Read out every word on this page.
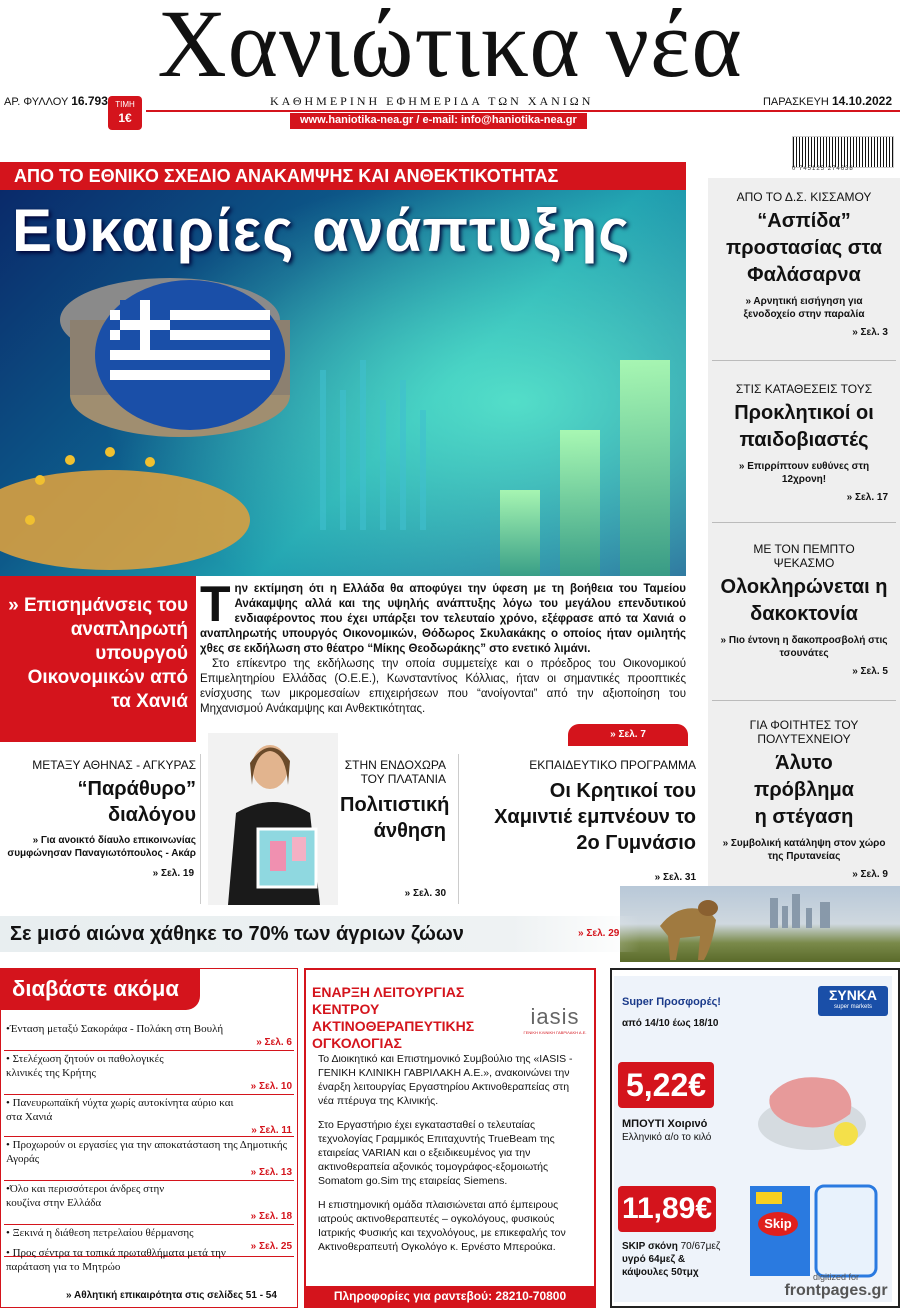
Χανιώτικα νέα
ΑΡ. ΦΥΛΛΟΥ 16.793 ΤΙΜΗ
1€
ΚΑΘΗΜΕΡΙΝΗ ΕΦΗΜΕΡΙΔΑ ΤΩΝ ΧΑΝΙΩΝ	ΠΑΡΑΣΚΕΥΗ 14.10.2022
www.haniotika-nea.gr / e-mail: info@haniotika-nea.gr
0 745125 274638
ΑΠΟ ΤΟ ΕΘΝΙΚΟ ΣΧΕΔΙΟ ΑΝΑΚΑΜΨΗΣ ΚΑΙ ΑΝΘΕΚΤΙΚΟΤΗΤΑΣ
Ευκαιρίες ανάπτυξης
» Επισημάνσεις του αναπληρωτή υπουργού Οικονομικών από τα Χανιά

Την εκτίμηση ότι η Ελλάδα θα αποφύγει την ύφεση με τη βοήθεια του Ταμείου Ανάκαμψης αλλά και της υψηλής ανάπτυξης λόγω του μεγάλου επενδυτικού ενδιαφέροντος που έχει υπάρξει τον τελευταίο χρόνο, εξέφρασε από τα Χανιά ο αναπληρωτής υπουργός Οικονομικών, Θόδωρος Σκυλακάκης ο οποίος ήταν ομιλητής χθες σε εκδήλωση στο θέατρο “Μίκης Θεοδωράκης” στο ενετικό λιμάνι.

Στο επίκεντρο της εκδήλωσης την οποία συμμετείχε και ο πρόεδρος του Οικονομικού Επιμελητηρίου Ελλάδας (Ο.Ε.Ε.), Κωνσταντίνος Κόλλιας, ήταν οι σημαντικές προοπτικές ενίσχυσης των μικρομεσαίων επιχειρήσεων που “ανοίγονται” από την αξιοποίηση του Μηχανισμού Ανάκαμψης και Ανθεκτικότητας.

» Σελ. 7
ΑΠΟ ΤΟ Δ.Σ. ΚΙΣΣΑΜΟΥ
“Ασπίδα” προστασίας στα Φαλάσαρνα
» Αρνητική εισήγηση για ξενοδοχείο στην παραλία
» Σελ. 3
ΣΤΙΣ ΚΑΤΑΘΕΣΕΙΣ ΤΟΥΣ
Προκλητικοί οι παιδοβιαστές
» Επιρρίπτουν ευθύνες στη 12χρονη!
» Σελ. 17
ΜΕ ΤΟΝ ΠΕΜΠΤΟ ΨΕΚΑΣΜΟ
Ολοκληρώνεται η δακοκτονία
» Πιο έντονη η δακοπροσβολή στις τσουνάτες
» Σελ. 5
ΓΙΑ ΦΟΙΤΗΤΕΣ ΤΟΥ ΠΟΛΥΤΕΧΝΕΙΟΥ
Άλυτο πρόβλημα η στέγαση
» Συμβολική κατάληψη στον χώρο της Πρυτανείας
» Σελ. 9
ΜΕΤΑΞΥ ΑΘΗΝΑΣ - ΑΓΚΥΡΑΣ
“Παράθυρο” διαλόγου
» Για ανοικτό δίαυλο επικοινωνίας συμφώνησαν Παναγιωτόπουλος - Ακάρ
» Σελ. 19
ΣΤΗΝ ΕΝΔΟΧΩΡΑ ΤΟΥ ΠΛΑΤΑΝΙΑ
Πολιτιστική άνθηση
» Σελ. 30
ΕΚΠΑΙΔΕΥΤΙΚΟ ΠΡΟΓΡΑΜΜΑ
Οι Κρητικοί του Χαμιντιέ εμπνέουν το 2ο Γυμνάσιο
» Σελ. 31
Σε μισό αιώνα χάθηκε το 70% των άγριων ζώων	» Σελ. 29
διαβάστε ακόμα
•Ένταση μεταξύ Σακοράφα - Πολάκη στη Βουλή
» Σελ. 6
• Στελέχωση ζητούν οι παθολογικές κλινικές της Κρήτης
» Σελ. 10
• Πανευρωπαϊκή νύχτα χωρίς αυτοκίνητα αύριο και στα Χανιά
» Σελ. 11
• Προχωρούν οι εργασίες για την αποκατάσταση της Δημοτικής Αγοράς
» Σελ. 13
•Όλο και περισσότεροι άνδρες στην κουζίνα στην Ελλάδα
» Σελ. 18
• Ξεκινά η διάθεση πετρελαίου θέρμανσης
» Σελ. 25
• Προς σέντρα τα τοπικά πρωταθλήματα μετά την παράταση για το Μητρώο
» Αθλητική επικαιρότητα στις σελίδες 51 - 54
ΕΝΑΡΞΗ ΛΕΙΤΟΥΡΓΙΑΣ ΚΕΝΤΡΟΥ ΑΚΤΙΝΟΘΕΡΑΠΕΥΤΙΚΗΣ ΟΓΚΟΛΟΓΙΑΣ
iasis
ΓΕΝΙΚΗ ΚΛΙΝΙΚΗ ΓΑΒΡΙΛΑΚΗ Α.Ε.

Το Διοικητικό και Επιστημονικό Συμβούλιο της «IASIS - ΓΕΝΙΚΗ ΚΛΙΝΙΚΗ ΓΑΒΡΙΛΑΚΗ Α.Ε.», ανακοινώνει την έναρξη λειτουργίας Εργαστηρίου Ακτινοθεραπείας στη νέα πτέρυγα της Κλινικής.

Στο Εργαστήριο έχει εγκατασταθεί ο τελευταίας τεχνολογίας Γραμμικός Επιταχυντής TrueBeam της εταιρείας VARIAN και ο εξειδικευμένος για την ακτινοθεραπεία αξονικός τομογράφος-εξομοιωτής Somatom go.Sim της εταιρείας Siemens.

Η επιστημονική ομάδα πλαισιώνεται από έμπειρους ιατρούς ακτινοθεραπευτές – ογκολόγους, φυσικούς Ιατρικής Φυσικής και τεχνολόγους, με επικεφαλής τον Ακτινοθεραπευτή Ογκολόγο κ. Ερνέστο Μπερούκα.

Πληροφορίες για ραντεβού: 28210-70800
Super Προσφορές!
από 14/10 έως 18/10
ΣΥΝΚΑ
super markets
5,22€
ΜΠΟΥΤΙ Χοιρινό
Ελληνικό α/ο το κιλό
11,89€
SKIP σκόνη 70/67μεζ
υγρό 64μεζ &
κάψουλες 50τμχ
Skip
digitized for
frontpages.gr
